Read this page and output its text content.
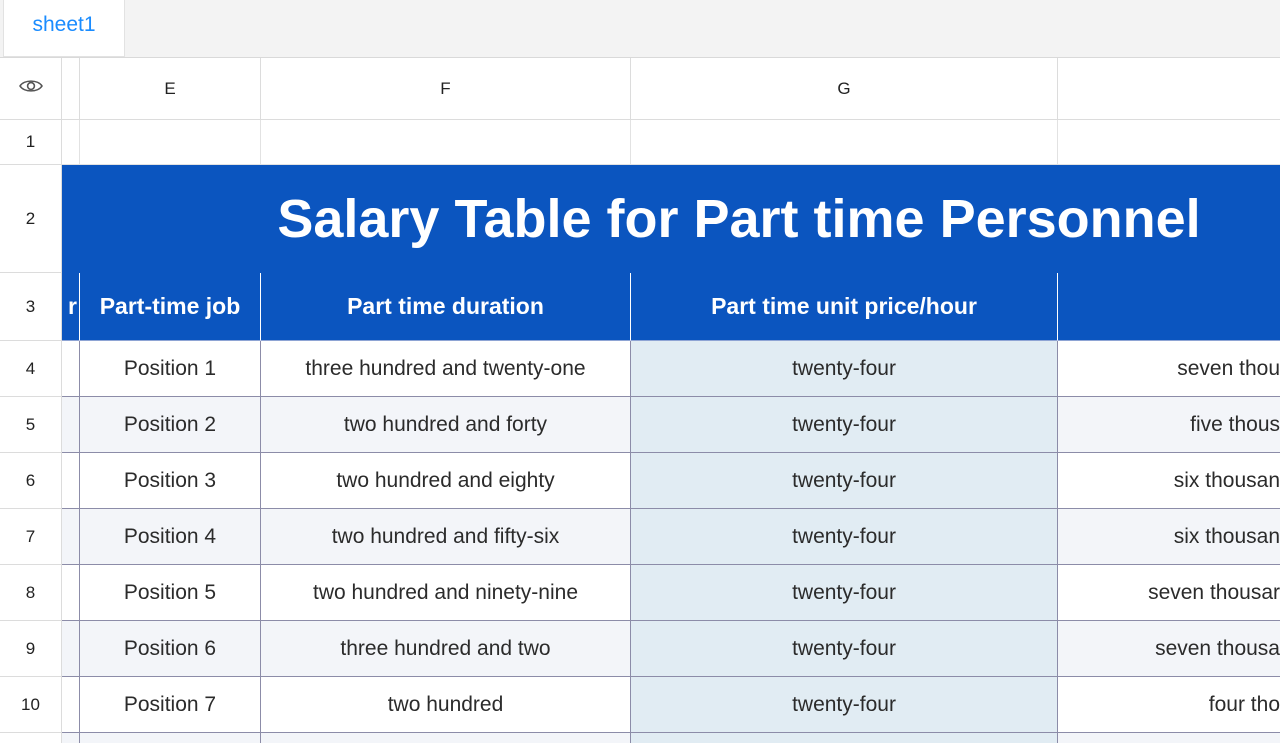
sheet1
E	F	G
1
2
3
4
5
6
7
8
9
10
Salary Table for Part time Personnel
r Part-time job	Part time duration	Part time unit price/hour
Position 1	three hundred and twenty-one	twenty-four	seven thou
Position 2	two hundred and forty	twenty-four	five thous
Position 3	two hundred and eighty	twenty-four	six thousan
Position 4	two hundred and fifty-six	twenty-four	six thousan
Position 5	two hundred and ninety-nine	twenty-four	seven thousar
Position 6	three hundred and two	twenty-four	seven thousa
Position 7	two hundred	twenty-four	four tho
